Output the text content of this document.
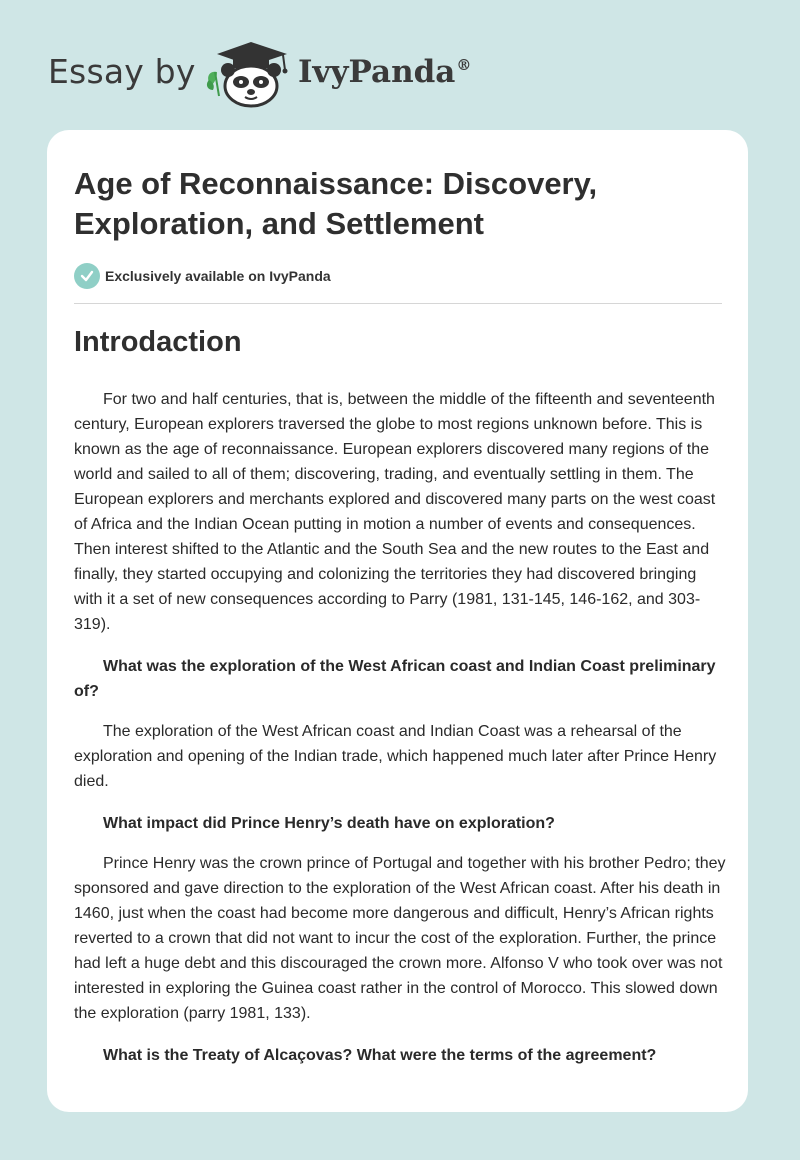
Essay by	IvyPanda®
Age of Reconnaissance: Discovery, Exploration, and Settlement
Exclusively available on IvyPanda
Introdaction

For two and half centuries, that is, between the middle of the fifteenth and seventeenth century, European explorers traversed the globe to most regions unknown before. This is known as the age of reconnaissance. European explorers discovered many regions of the world and sailed to all of them; discovering, trading, and eventually settling in them. The European explorers and merchants explored and discovered many parts on the west coast of Africa and the Indian Ocean putting in motion a number of events and consequences. Then interest shifted to the Atlantic and the South Sea and the new routes to the East and finally, they started occupying and colonizing the territories they had discovered bringing with it a set of new consequences according to Parry (1981, 131-145, 146-162, and 303-319).

What was the exploration of the West African coast and Indian Coast preliminary of?

The exploration of the West African coast and Indian Coast was a rehearsal of the exploration and opening of the Indian trade, which happened much later after Prince Henry died.

What impact did Prince Henry’s death have on exploration?

Prince Henry was the crown prince of Portugal and together with his brother Pedro; they sponsored and gave direction to the exploration of the West African coast. After his death in 1460, just when the coast had become more dangerous and difficult, Henry’s African rights reverted to a crown that did not want to incur the cost of the exploration. Further, the prince had left a huge debt and this discouraged the crown more. Alfonso V who took over was not interested in exploring the Guinea coast rather in the control of Morocco. This slowed down the exploration (parry 1981, 133).

What is the Treaty of Alcaçovas? What were the terms of the agreement?
